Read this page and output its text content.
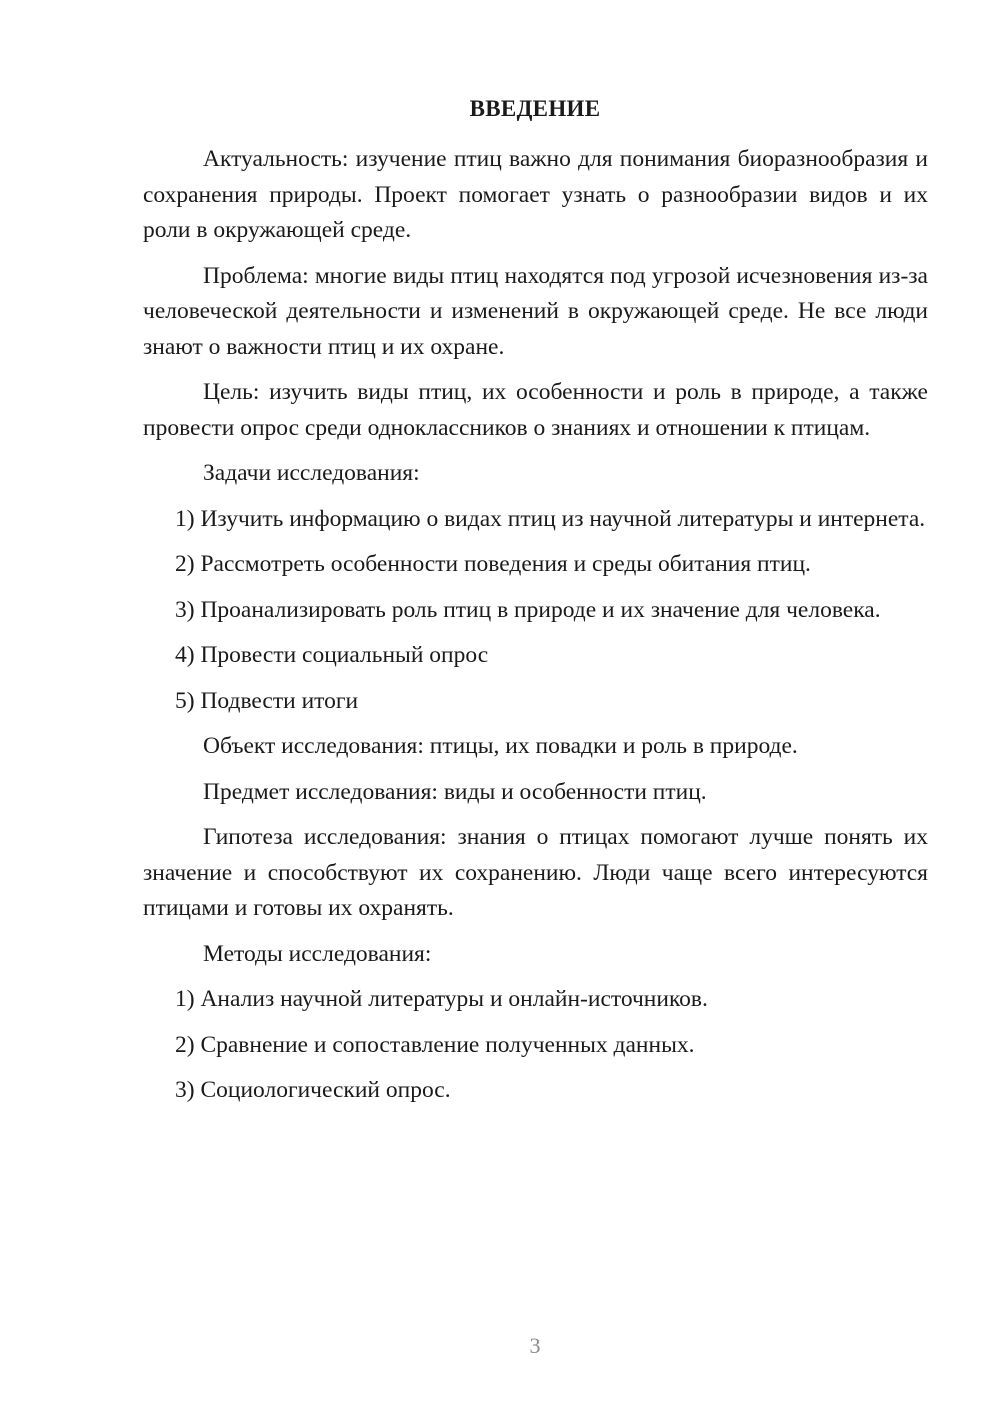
ВВЕДЕНИЕ

Актуальность: изучение птиц важно для понимания биоразнообразия и сохранения природы. Проект помогает узнать о разнообразии видов и их роли в окружающей среде.

Проблема: многие виды птиц находятся под угрозой исчезновения из-за человеческой деятельности и изменений в окружающей среде. Не все люди знают о важности птиц и их охране.

Цель: изучить виды птиц, их особенности и роль в природе, а также провести опрос среди одноклассников о знаниях и отношении к птицам.

Задачи исследования:

1) Изучить информацию о видах птиц из научной литературы и интернета.

2) Рассмотреть особенности поведения и среды обитания птиц.

3) Проанализировать роль птиц в природе и их значение для человека.

4) Провести социальный опрос

5) Подвести итоги

Объект исследования: птицы, их повадки и роль в природе.

Предмет исследования: виды и особенности птиц.

Гипотеза исследования: знания о птицах помогают лучше понять их значение и способствуют их сохранению. Люди чаще всего интересуются птицами и готовы их охранять.

Методы исследования:

1) Анализ научной литературы и онлайн-источников.

2) Сравнение и сопоставление полученных данных.

3) Социологический опрос.

3
